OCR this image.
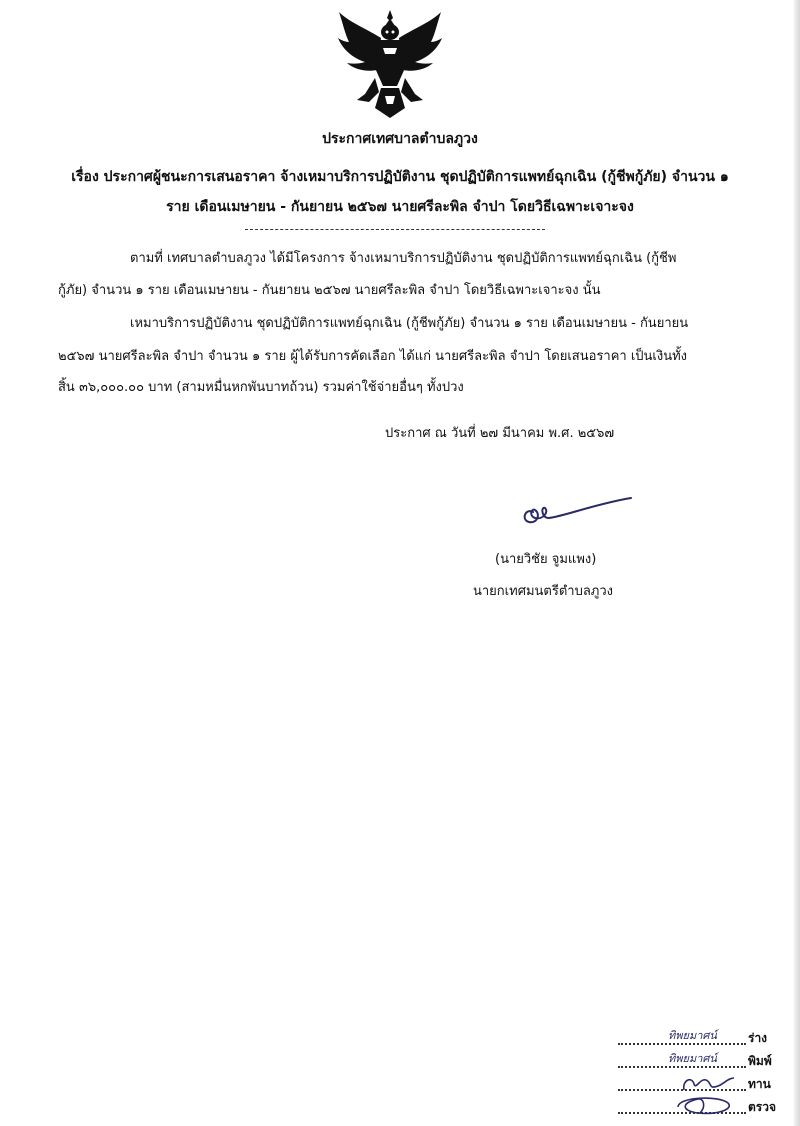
ประกาศเทศบาลตำบลภูวง
เรื่อง ประกาศผู้ชนะการเสนอราคา จ้างเหมาบริการปฏิบัติงาน ชุดปฏิบัติการแพทย์ฉุกเฉิน (กู้ชีพกู้ภัย) จำนวน ๑
ราย เดือนเมษายน - กันยายน ๒๕๖๗ นายศรีละพิล จำปา โดยวิธีเฉพาะเจาะจง
ตามที่ เทศบาลตำบลภูวง ได้มีโครงการ จ้างเหมาบริการปฏิบัติงาน ชุดปฏิบัติการแพทย์ฉุกเฉิน (กู้ชีพ
กู้ภัย) จำนวน ๑ ราย เดือนเมษายน - กันยายน ๒๕๖๗ นายศรีละพิล จำปา โดยวิธีเฉพาะเจาะจง นั้น
เหมาบริการปฏิบัติงาน ชุดปฏิบัติการแพทย์ฉุกเฉิน (กู้ชีพกู้ภัย) จำนวน ๑ ราย เดือนเมษายน - กันยายน
๒๕๖๗ นายศรีละพิล จำปา จำนวน ๑ ราย ผู้ได้รับการคัดเลือก ได้แก่ นายศรีละพิล จำปา โดยเสนอราคา เป็นเงินทั้ง
สิ้น ๓๖,๐๐๐.๐๐ บาท (สามหมื่นหกพันบาทถ้วน) รวมค่าใช้จ่ายอื่นๆ ทั้งปวง
ประกาศ ณ วันที่ ๒๗ มีนาคม พ.ศ. ๒๕๖๗
(นายวิชัย จูมแพง)
นายกเทศมนตรีตำบลภูวง
ทิพยมาศน์	ร่าง
ทิพยมาศน์	พิมพ์
ทาน
ตรวจ
